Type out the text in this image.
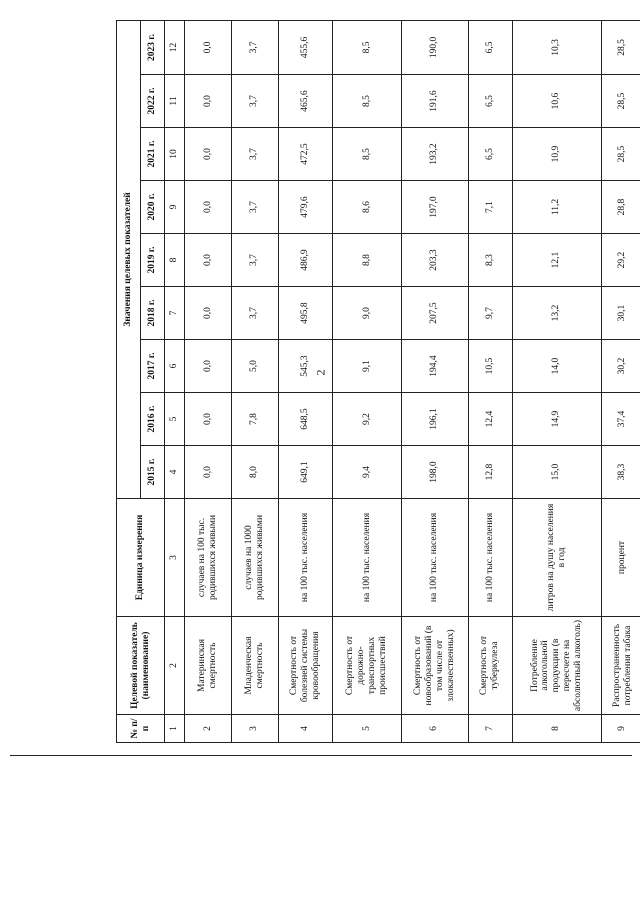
2
№ п/п	Целевой показатель (наименование)	Единица измерения	Значения целевых показателей								
			2015 г.	2016 г.	2017 г.	2018 г.	2019 г.	2020 г.	2021 г.	2022 г.	2023 г.
1	2	3	4	5	6	7	8	9	10	11	12
2	Материнская смертность	случаев на 100 тыс. родившихся живыми	0,0	0,0	0,0	0,0	0,0	0,0	0,0	0,0	0,0
3	Младенческая смертность	случаев на 1000 родившихся живыми	8,0	7,8	5,0	3,7	3,7	3,7	3,7	3,7	3,7
4	Смертность от болезней системы кровообращения	на 100 тыс. населения	649,1	648,5	545,3	495,8	486,9	479,6	472,5	465,6	455,6
5	Смертность от дорожно-транспортных происшествий	на 100 тыс. населения	9,4	9,2	9,1	9,0	8,8	8,6	8,5	8,5	8,5
6	Смертность от новообразований (в том числе от злокачественных)	на 100 тыс. населения	198,0	196,1	194,4	207,5	203,3	197,0	193,2	191,6	190,0
7	Смертность от туберкулеза	на 100 тыс. населения	12,8	12,4	10,5	9,7	8,3	7,1	6,5	6,5	6,5
8	Потребление алкогольной продукции (в пересчете на абсолютный алкоголь)	литров на душу населения в год	15,0	14,9	14,0	13,2	12,1	11,2	10,9	10,6	10,3
9	Распространенность потребления табака	процент	38,3	37,4	30,2	30,1	29,2	28,8	28,5	28,5	28,5
